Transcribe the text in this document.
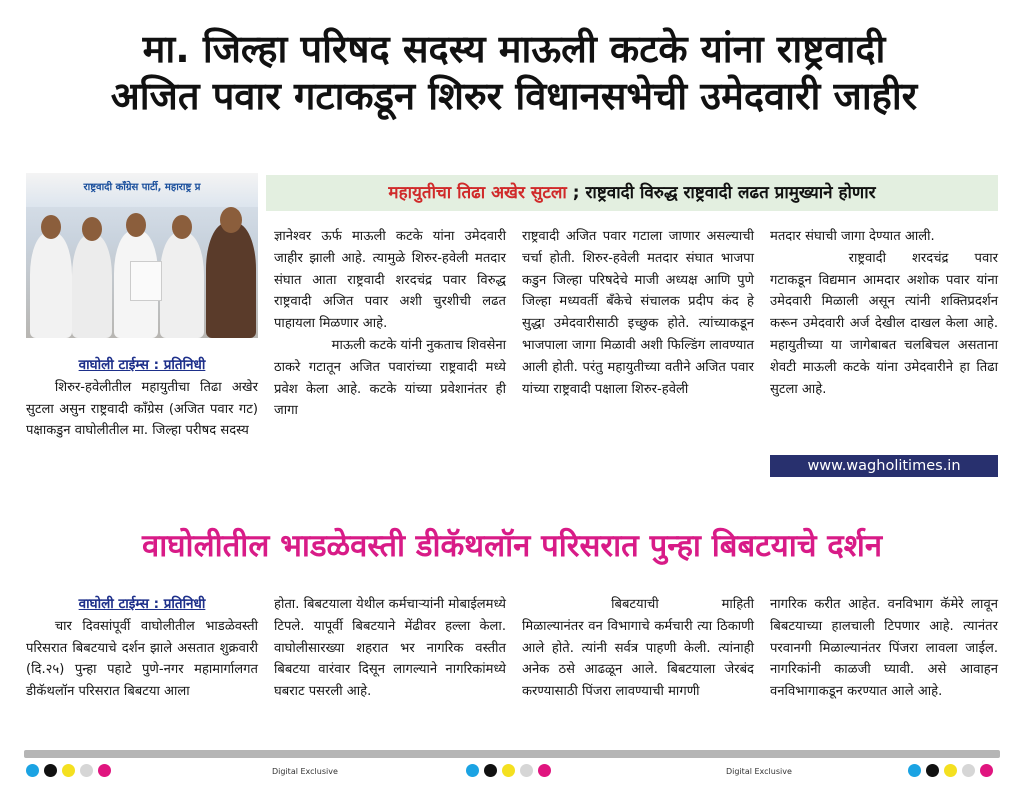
मा. जिल्हा परिषद सदस्य माऊली कटके यांना राष्ट्रवादी
अजित पवार गटाकडून शिरुर विधानसभेची उमेदवारी जाहीर
राष्ट्रवादी काँग्रेस पार्टी, महाराष्ट्र प्र	महायुतीचा तिढा अखेर सुटला ; राष्ट्रवादी विरुद्ध राष्ट्रवादी लढत प्रामुख्याने होणार
वाघोली टाईम्स : प्रतिनिधी

शिरुर-हवेलीतील महायुतीचा तिढा अखेर सुटला असुन राष्ट्रवादी काँग्रेस (अजित पवार गट) पक्षाकडुन वाघोलीतील मा. जिल्हा परीषद सदस्य

ज्ञानेश्वर ऊर्फ माऊली कटके यांना उमेदवारी जाहीर झाली आहे. त्यामुळे शिरुर-हवेली मतदार संघात आता राष्ट्रवादी शरदचंद्र पवार विरुद्ध राष्ट्रवादी अजित पवार अशी चुरशीची लढत पाहायला मिळणार आहे.

माऊली कटके यांनी नुकताच शिवसेना ठाकरे गटातून अजित पवारांच्या राष्ट्रवादी मध्ये प्रवेश केला आहे. कटके यांच्या प्रवेशानंतर ही जागा

राष्ट्रवादी अजित पवार गटाला जाणार असल्याची चर्चा होती. शिरुर-हवेली मतदार संघात भाजपा कडुन जिल्हा परिषदेचे माजी अध्यक्ष आणि पुणे जिल्हा मध्यवर्ती बँकेचे संचालक प्रदीप कंद हे सुद्धा उमेदवारीसाठी इच्छुक होते. त्यांच्याकडून भाजपाला जागा मिळावी अशी फिल्डिंग लावण्यात आली होती. परंतु महायुतीच्या वतीने अजित पवार यांच्या राष्ट्रवादी पक्षाला शिरुर-हवेली

मतदार संघाची जागा देण्यात आली.

राष्ट्रवादी शरदचंद्र पवार गटाकडून विद्यमान आमदार अशोक पवार यांना उमेदवारी मिळाली असून त्यांनी शक्तिप्रदर्शन करून उमेदवारी अर्ज देखील दाखल केला आहे. महायुतीच्या या जागेबाबत चलबिचल असताना शेवटी माऊली कटके यांना उमेदवारीने हा तिढा सुटला आहे.

www.wagholitimes.in
वाघोलीतील भाडळेवस्ती डीकॅथलॉन परिसरात पुन्हा बिबटयाचे दर्शन
वाघोली टाईम्स : प्रतिनिधी

चार दिवसांपूर्वी वाघोलीतील भाडळेवस्ती परिसरात बिबटयाचे दर्शन झाले असतात शुक्रवारी (दि.२५) पुन्हा पहाटे पुणे-नगर महामार्गालगत डीकॅथलॉन परिसरात बिबटया आला

होता. बिबटयाला येथील कर्मचाऱ्यांनी मोबाईलमध्ये टिपले. यापूर्वी बिबटयाने मेंढीवर हल्ला केला. वाघोलीसारख्या शहरात भर नागरिक वस्तीत बिबटया वारंवार दिसून लागल्याने नागरिकांमध्ये घबराट पसरली आहे.

बिबटयाची माहिती मिळाल्यानंतर वन विभागाचे कर्मचारी त्या ठिकाणी आले होते. त्यांनी सर्वत्र पाहणी केली. त्यांनाही अनेक ठसे आढळून आले. बिबटयाला जेरबंद करण्यासाठी पिंजरा लावण्याची मागणी

नागरिक करीत आहेत. वनविभाग कॅमेरे लावून बिबटयाच्या हालचाली टिपणार आहे. त्यानंतर परवानगी मिळाल्यानंतर पिंजरा लावला जाईल. नागरिकांनी काळजी घ्यावी. असे आवाहन वनविभागाकडून करण्यात आले आहे.

Digital Exclusive	Digital Exclusive
